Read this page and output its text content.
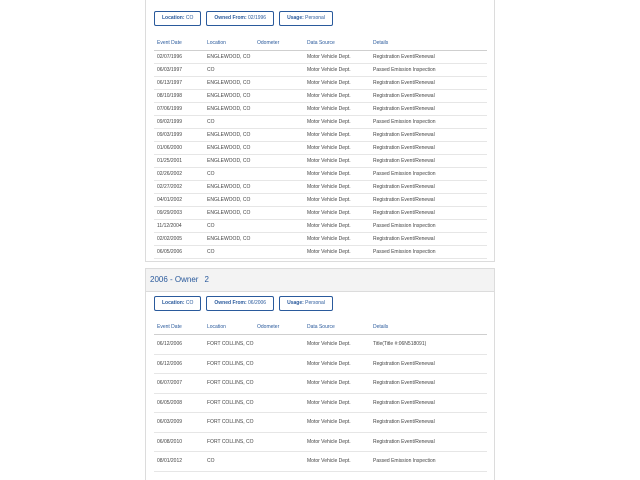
Location: CO	Owned From: 02/1996	Usage: Personal
Event Date	Location	Odometer	Data Source	Details
02/07/1996	ENGLEWOOD, CO		Motor Vehicle Dept.	Registration Event/Renewal
06/03/1997	CO		Motor Vehicle Dept.	Passed Emission Inspection
06/13/1997	ENGLEWOOD, CO		Motor Vehicle Dept.	Registration Event/Renewal
08/10/1998	ENGLEWOOD, CO		Motor Vehicle Dept.	Registration Event/Renewal
07/06/1999	ENGLEWOOD, CO		Motor Vehicle Dept.	Registration Event/Renewal
09/02/1999	CO		Motor Vehicle Dept.	Passed Emission Inspection
09/03/1999	ENGLEWOOD, CO		Motor Vehicle Dept.	Registration Event/Renewal
01/06/2000	ENGLEWOOD, CO		Motor Vehicle Dept.	Registration Event/Renewal
01/25/2001	ENGLEWOOD, CO		Motor Vehicle Dept.	Registration Event/Renewal
02/26/2002	CO		Motor Vehicle Dept.	Passed Emission Inspection
02/27/2002	ENGLEWOOD, CO		Motor Vehicle Dept.	Registration Event/Renewal
04/01/2002	ENGLEWOOD, CO		Motor Vehicle Dept.	Registration Event/Renewal
09/29/2003	ENGLEWOOD, CO		Motor Vehicle Dept.	Registration Event/Renewal
11/12/2004	CO		Motor Vehicle Dept.	Passed Emission Inspection
02/02/2005	ENGLEWOOD, CO		Motor Vehicle Dept.	Registration Event/Renewal
06/05/2006	CO		Motor Vehicle Dept.	Passed Emission Inspection
2006 - Owner 2
Location: CO	Owned From: 06/2006	Usage: Personal
Event Date	Location	Odometer	Data Source	Details
06/12/2006	FORT COLLINS, CO		Motor Vehicle Dept.	Title(Title #:06N518091)
06/12/2006	FORT COLLINS, CO		Motor Vehicle Dept.	Registration Event/Renewal
06/07/2007	FORT COLLINS, CO		Motor Vehicle Dept.	Registration Event/Renewal
06/05/2008	FORT COLLINS, CO		Motor Vehicle Dept.	Registration Event/Renewal
06/03/2009	FORT COLLINS, CO		Motor Vehicle Dept.	Registration Event/Renewal
06/08/2010	FORT COLLINS, CO		Motor Vehicle Dept.	Registration Event/Renewal
08/01/2012	CO		Motor Vehicle Dept.	Passed Emission Inspection
